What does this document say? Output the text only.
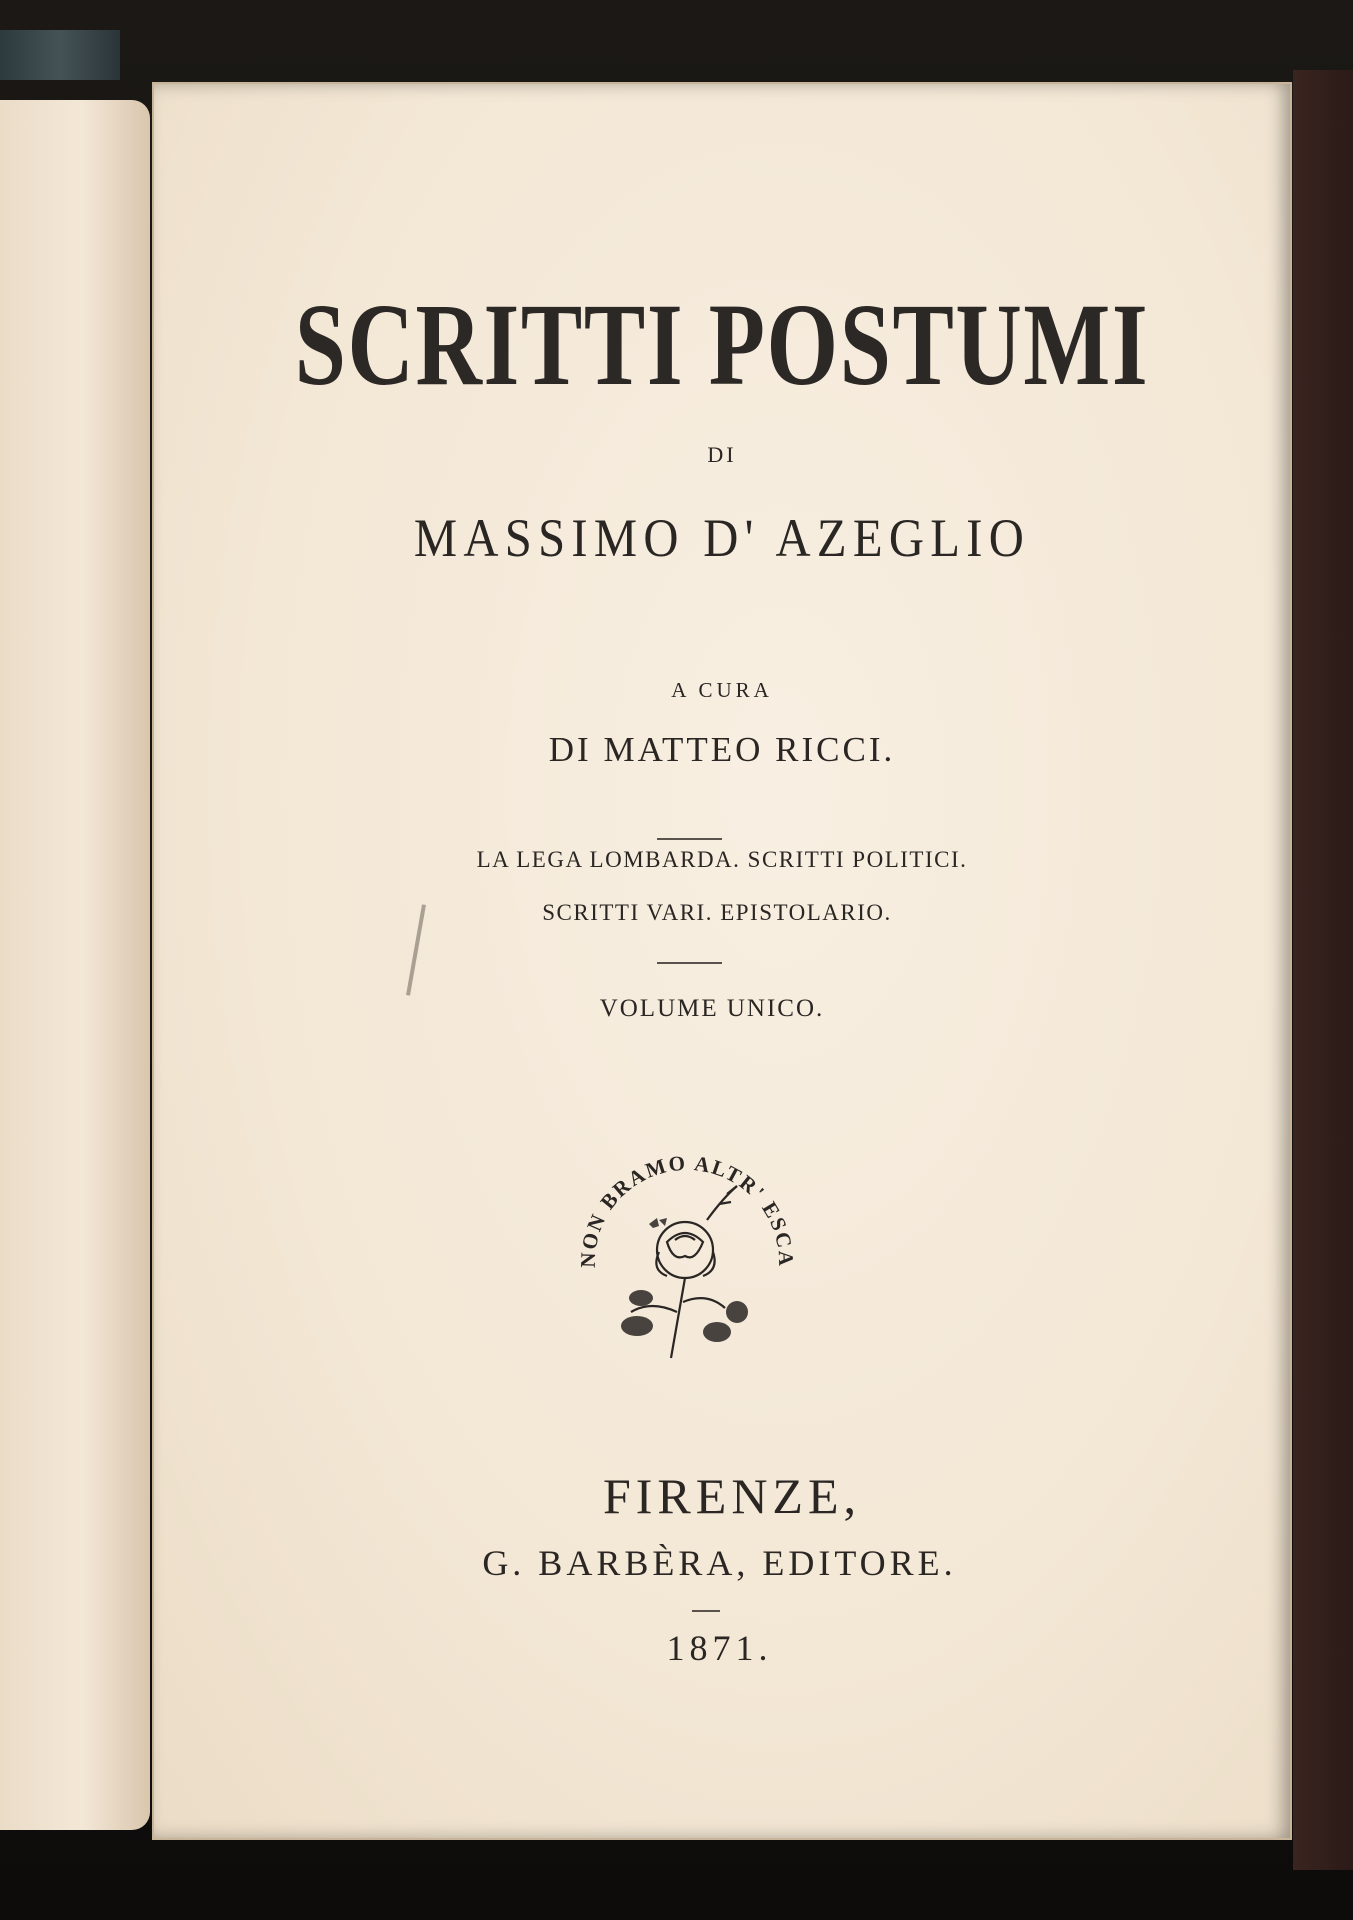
SCRITTI POSTUMI
DI
MASSIMO D' AZEGLIO
A CURA
DI MATTEO RICCI.
LA LEGA LOMBARDA. SCRITTI POLITICI.
SCRITTI VARI. EPISTOLARIO.
VOLUME UNICO.
NON BRAMO ALTR' ESCA
FIRENZE,
G. BARBÈRA, EDITORE.
1871.
